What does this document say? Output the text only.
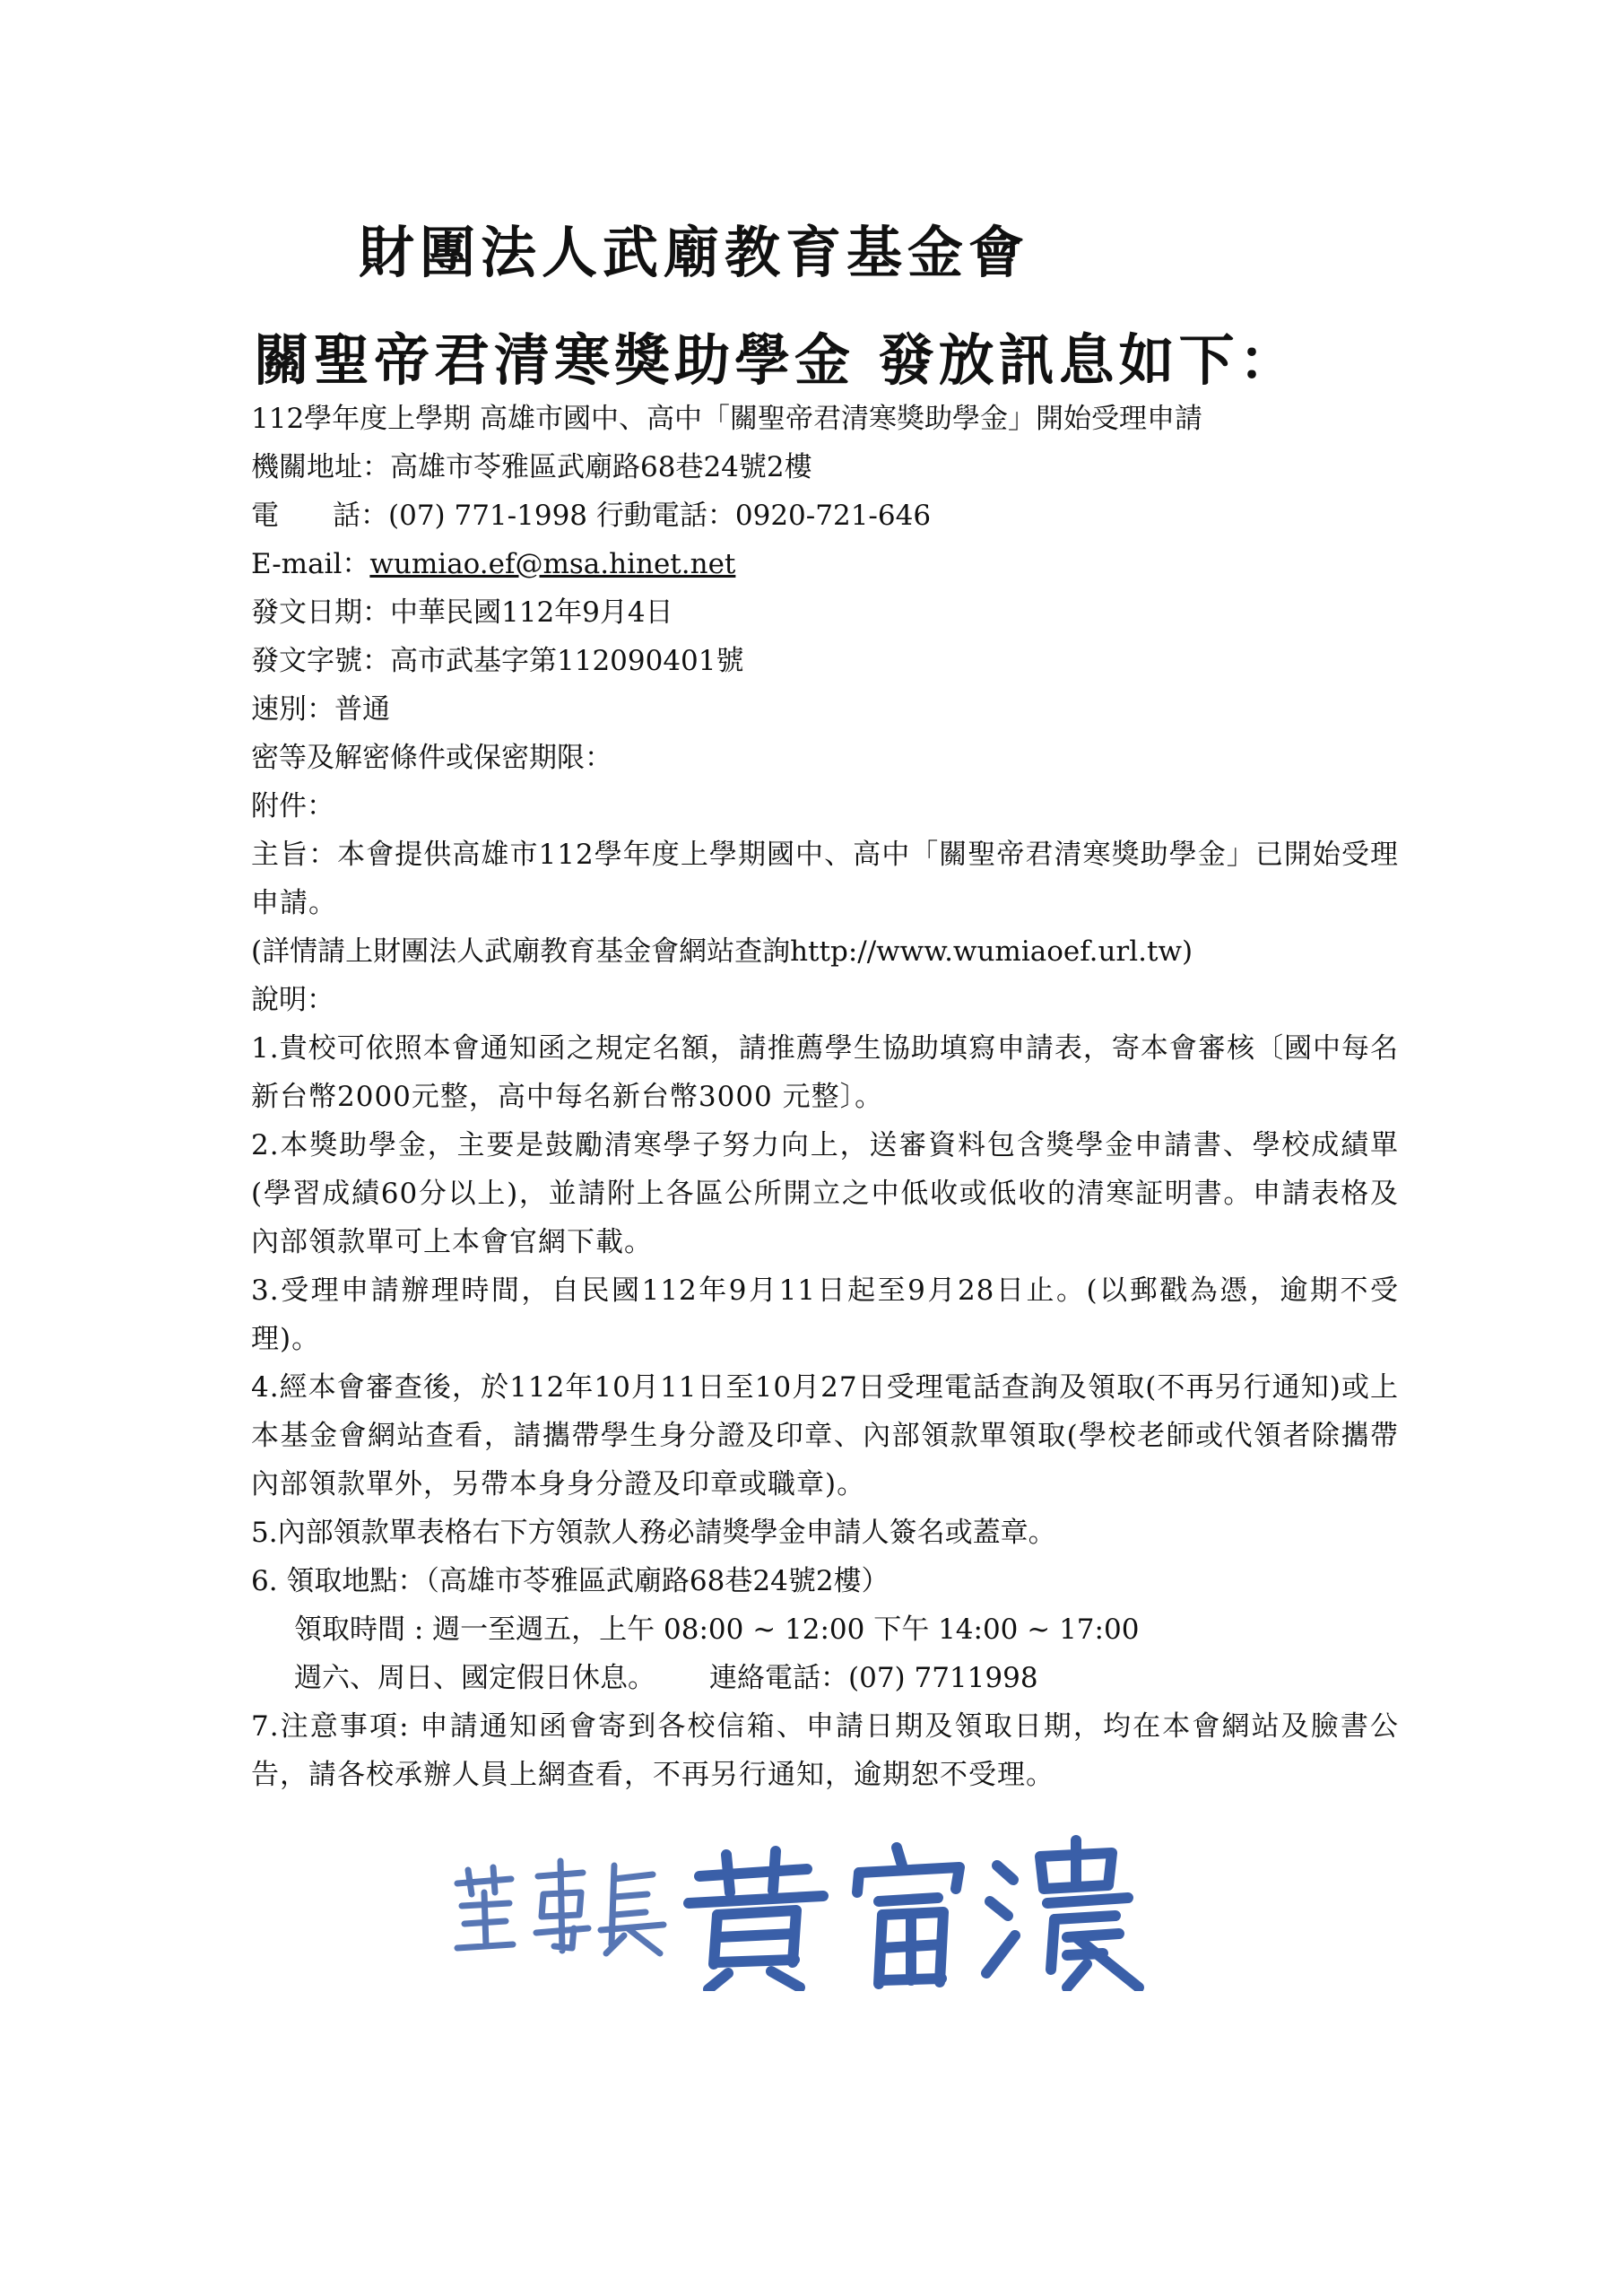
財團法人武廟教育基金會
關聖帝君清寒獎助學金 發放訊息如下：
112學年度上學期 高雄市國中、高中「關聖帝君清寒獎助學金」開始受理申請
機關地址：高雄市苓雅區武廟路68巷24號2樓
電 話：(07) 771-1998 行動電話：0920-721-646
E-mail：wumiao.ef@msa.hinet.net
發文日期：中華民國112年9月4日
發文字號：高市武基字第112090401號
速別：普通
密等及解密條件或保密期限：
附件：
主旨：本會提供高雄市112學年度上學期國中、高中「關聖帝君清寒獎助學金」已開始受理申請。
(詳情請上財團法人武廟教育基金會網站查詢http://www.wumiaoef.url.tw)
說明：
1.貴校可依照本會通知函之規定名額，請推薦學生協助填寫申請表，寄本會審核〔國中每名新台幣2000元整，高中每名新台幣3000 元整〕。
2.本獎助學金，主要是鼓勵清寒學子努力向上，送審資料包含獎學金申請書、學校成績單(學習成績60分以上)，並請附上各區公所開立之中低收或低收的清寒証明書。申請表格及內部領款單可上本會官網下載。
3.受理申請辦理時間，自民國112年9月11日起至9月28日止。(以郵戳為憑，逾期不受理)。
4.經本會審查後，於112年10月11日至10月27日受理電話查詢及領取(不再另行通知)或上本基金會網站查看，請攜帶學生身分證及印章、內部領款單領取(學校老師或代領者除攜帶內部領款單外，另帶本身身分證及印章或職章)。
5.內部領款單表格右下方領款人務必請獎學金申請人簽名或蓋章。
6. 領取地點：（高雄市苓雅區武廟路68巷24號2樓）
領取時間 : 週一至週五，上午 08:00 ~ 12:00 下午 14:00 ~ 17:00
週六、周日、國定假日休息。 連絡電話：(07) 7711998
7.注意事項: 申請通知函會寄到各校信箱、申請日期及領取日期，均在本會網站及臉書公告，請各校承辦人員上網查看，不再另行通知，逾期恕不受理。
